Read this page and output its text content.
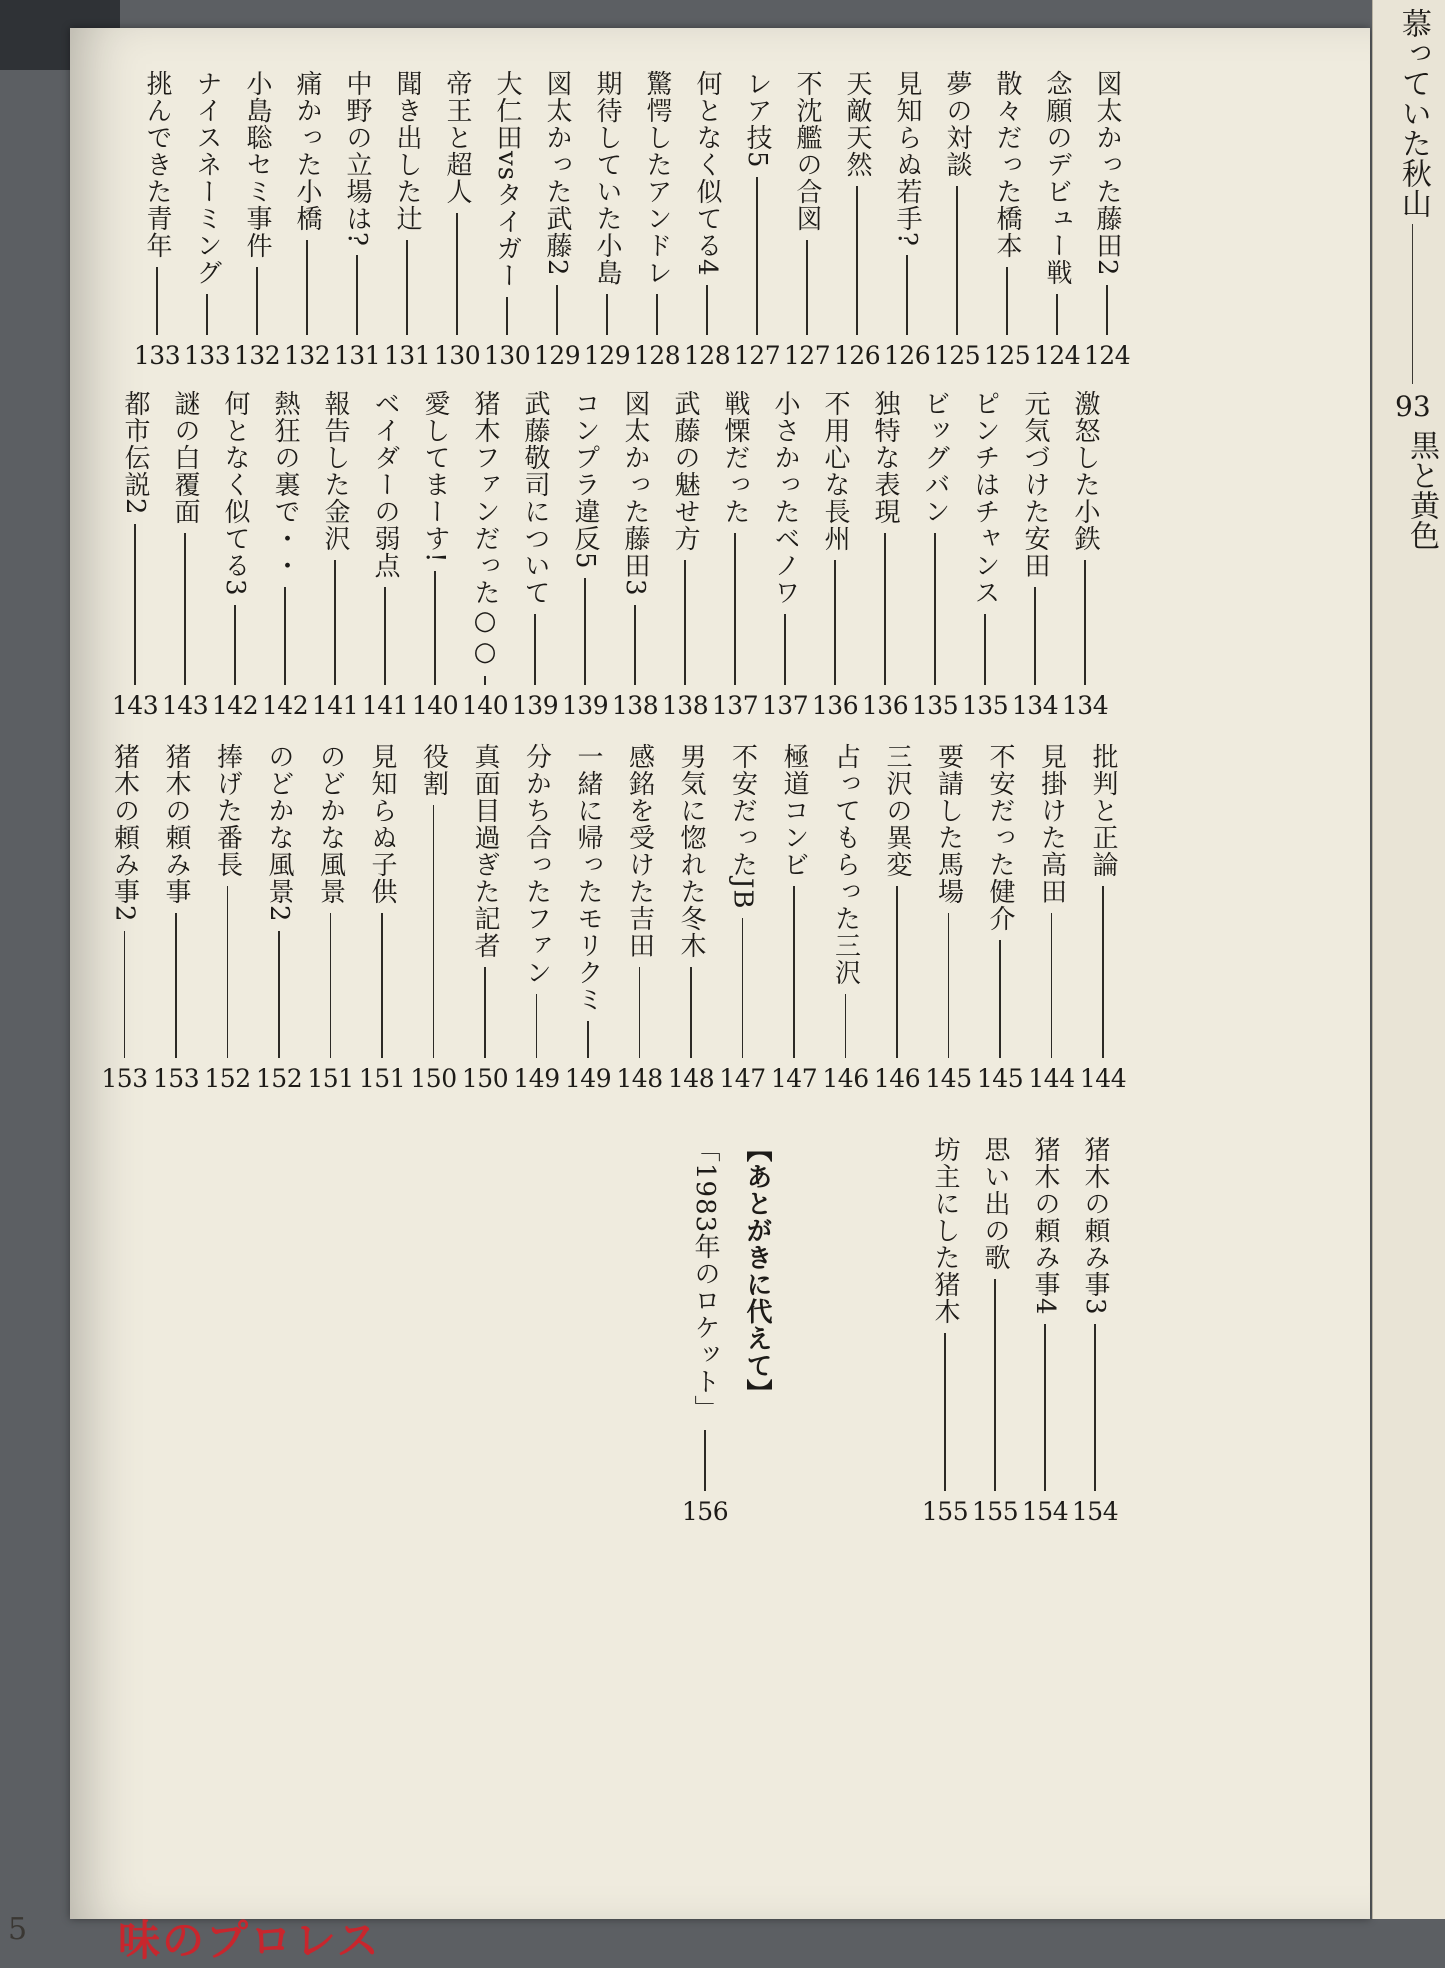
図太かった藤田2
124
念願のデビュー戦
124
散々だった橋本
125
夢の対談
125
見知らぬ若手?
126
天敵天然
126
不沈艦の合図
127
レア技5
127
何となく似てる4
128
驚愕したアンドレ
128
期待していた小島
129
図太かった武藤2
129
大仁田vsタイガー
130
帝王と超人
130
聞き出した辻
131
中野の立場は?
131
痛かった小橋
132
小島聡セミ事件
132
ナイスネーミング
133
挑んできた青年
133
激怒した小鉄
134
元気づけた安田
134
ピンチはチャンス
135
ビッグバン
135
独特な表現
136
不用心な長州
136
小さかったベノワ
137
戦慄だった
137
武藤の魅せ方
138
図太かった藤田3
138
コンプラ違反5
139
武藤敬司について
139
猪木ファンだった○○
140
愛してまーす!
140
ベイダーの弱点
141
報告した金沢
141
熱狂の裏で・・
142
何となく似てる3
142
謎の白覆面
143
都市伝説2
143
批判と正論
144
見掛けた高田
144
不安だった健介
145
要請した馬場
145
三沢の異変
146
占ってもらった三沢
146
極道コンビ
147
不安だったJB
147
男気に惚れた冬木
148
感銘を受けた吉田
148
一緒に帰ったモリクミ
149
分かち合ったファン
149
真面目過ぎた記者
150
役割
150
見知らぬ子供
151
のどかな風景
151
のどかな風景2
152
捧げた番長
152
猪木の頼み事
153
猪木の頼み事2
153
猪木の頼み事3
154
猪木の頼み事4
154
思い出の歌
155
坊主にした猪木
155
【あとがきに代えて】
「1983年のロケット」
156
5 味のプロレス
慕っていた秋山
93
黒と黄色
